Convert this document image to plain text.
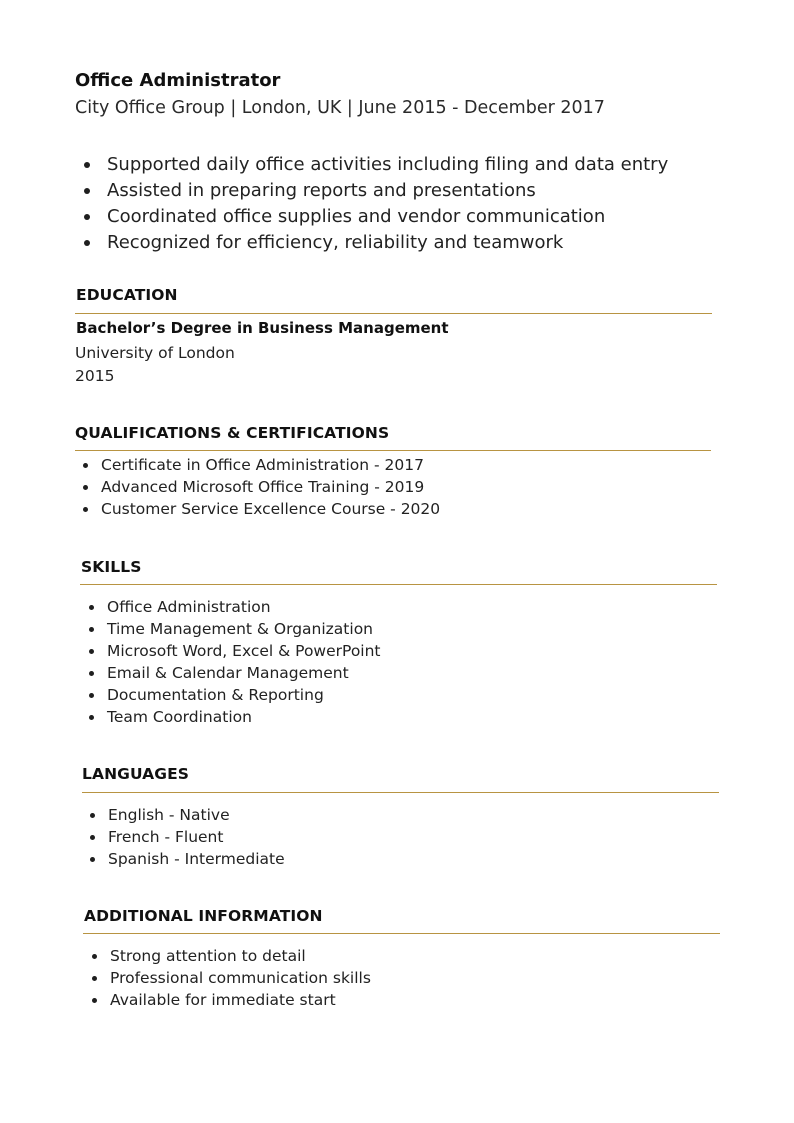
Office Administrator

City Office Group | London, UK | June 2015 - December 2017

Supported daily office activities including filing and data entry
Assisted in preparing reports and presentations
Coordinated office supplies and vendor communication
Recognized for efficiency, reliability and teamwork
EDUCATION

Bachelor’s Degree in Business Management

University of London

2015

QUALIFICATIONS & CERTIFICATIONS
Certificate in Office Administration - 2017
Advanced Microsoft Office Training - 2019
Customer Service Excellence Course - 2020
SKILLS
Office Administration
Time Management & Organization
Microsoft Word, Excel & PowerPoint
Email & Calendar Management
Documentation & Reporting
Team Coordination
LANGUAGES
English - Native
French - Fluent
Spanish - Intermediate
ADDITIONAL INFORMATION
Strong attention to detail
Professional communication skills
Available for immediate start
